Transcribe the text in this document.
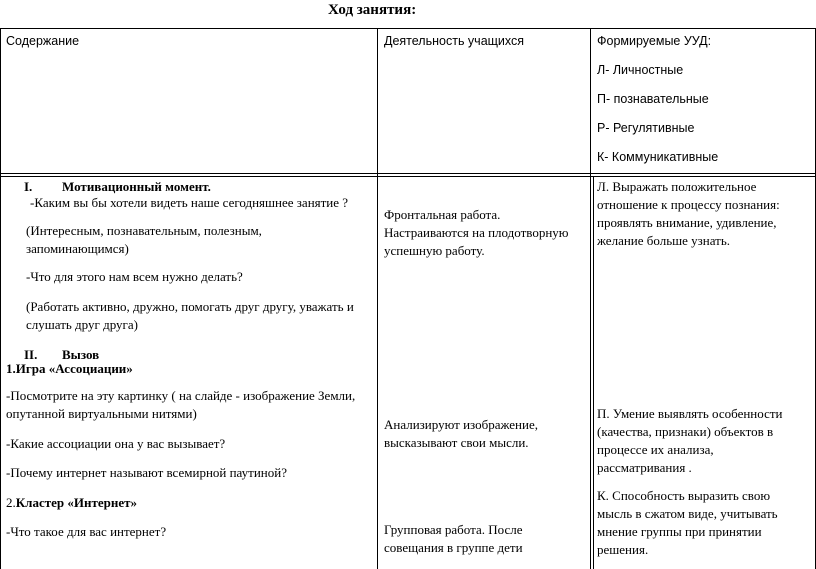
Ход занятия:
Содержание	Деятельность учащихся	Формируемые УУД:
Л- Личностные
П- познавательные
Р- Регулятивные
К- Коммуникативные
I. Мотивационный момент.
-Каким вы бы хотели видеть наше сегодняшнее занятие ?
(Интересным, познавательным, полезным,
запоминающимся)
-Что для этого нам всем нужно делать?
(Работать активно, дружно, помогать друг другу, уважать и
слушать друг друга)
II. Вызов
1.Игра «Ассоциации»
-Посмотрите на эту картинку ( на слайде - изображение Земли,
опутанной виртуальными нитями)
-Какие ассоциации она у вас вызывает?
-Почему интернет называют всемирной паутиной?
2.Кластер «Интернет»
-Что такое для вас интернет?
Фронтальная работа.
Настраиваются на плодотворную
успешную работу.
Анализируют изображение,
высказывают свои мысли.
Групповая работа. После
совещания в группе дети
Л. Выражать положительное
отношение к процессу познания:
проявлять внимание, удивление,
желание больше узнать.
П. Умение выявлять особенности
(качества, признаки) объектов в
процессе их анализа,
рассматривания .
К. Способность выразить свою
мысль в сжатом виде, учитывать
мнение группы при принятии
решения.
